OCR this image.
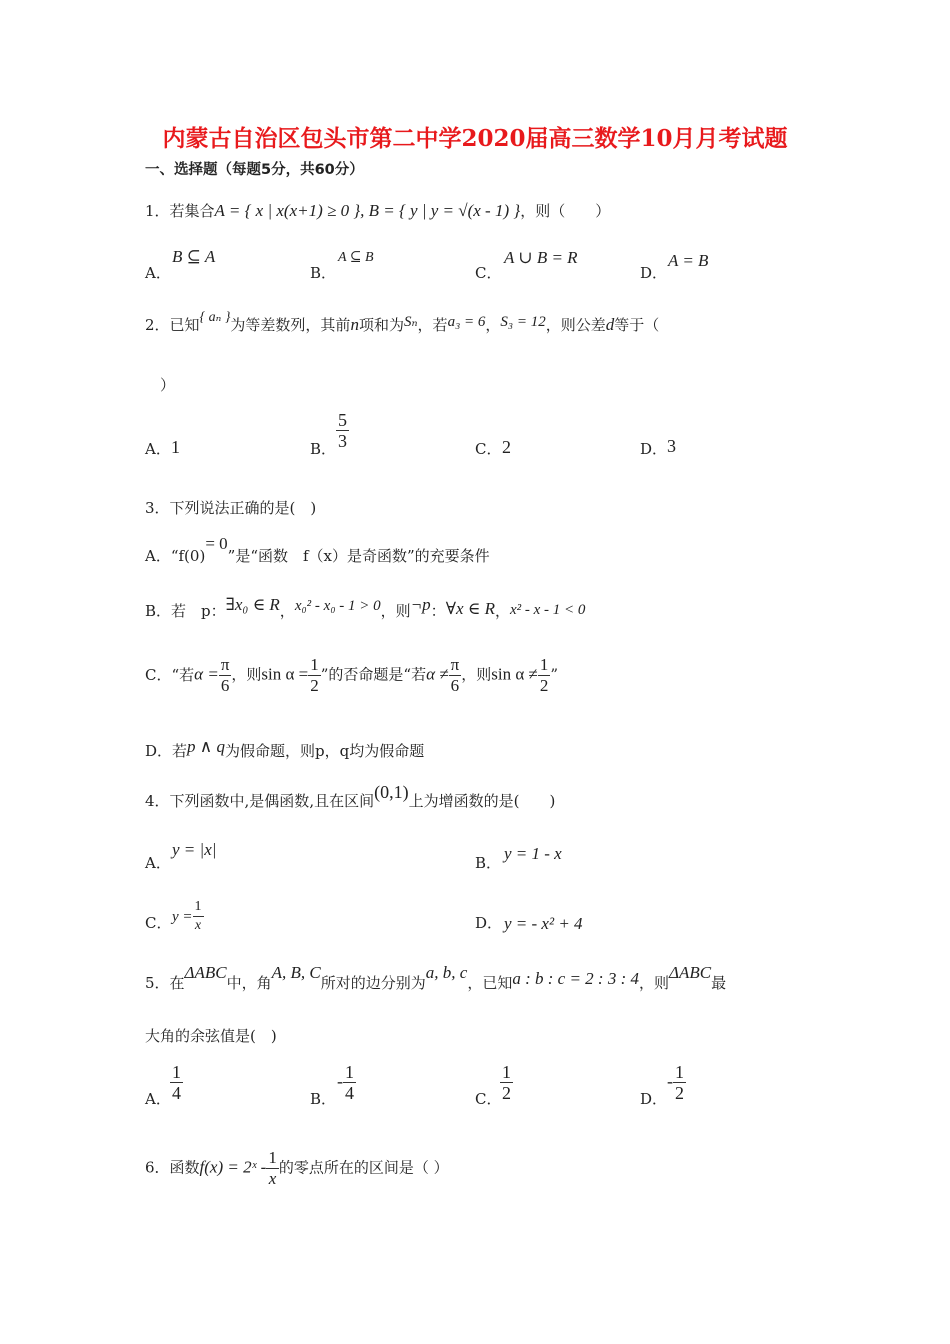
内蒙古自治区包头市第二中学2020届高三数学10月月考试题
一、选择题（每题5分，共60分）
1．若集合A = { x | x(x+1) ≥ 0 }, B = { y | y = √(x - 1) }，则（　　）
A．
B ⊆ A
B．
A ⊆ B
C．
A ∪ B = R
D．
A = B
2．已知{ aₙ }为等差数列，其前n项和为Sₙ，若a₃ = 6，S₃ = 12，则公差d等于（
）
A． 1	B． $\frac{5}{3}$	C． 2	D． 3
3．下列说法正确的是(　)
A．“f(0)= 0”是“函数　f（x）是奇函数”的充要条件
B．若　p：∃x₀ ∈ R，x₀² - x₀ - 1 > 0，则¬p：∀x ∈ R，x² - x - 1 < 0
C．“若$\alpha = \frac{\pi}{6}$ ，则$\sin \alpha = \frac{1}{2}$ ”的否命题是“若$\alpha \ne \frac{\pi}{6}$ ，则$\sin \alpha \ne \frac{1}{2}$ ”
D．若p ∧ q为假命题，则p，q均为假命题
4．下列函数中,是偶函数,且在区间(0,1)上为增函数的是(　　)
A．
y = |x|
B． y = 1 - x
C． $y = \frac{1}{x}$	D． y = - x² + 4
5．在ΔABC中，角A, B, C所对的边分别为a, b, c，已知a : b : c = 2 : 3 : 4，则ΔABC最
大角的余弦值是(　)
A． $\frac{1}{4}$	B．
- $\frac{1}{4}$	C．
$\frac{1}{2}$	D．
- $\frac{1}{2}$
6．函数f(x) = 2ˣ - $\frac{1}{x}$ 的零点所在的区间是（ ）
